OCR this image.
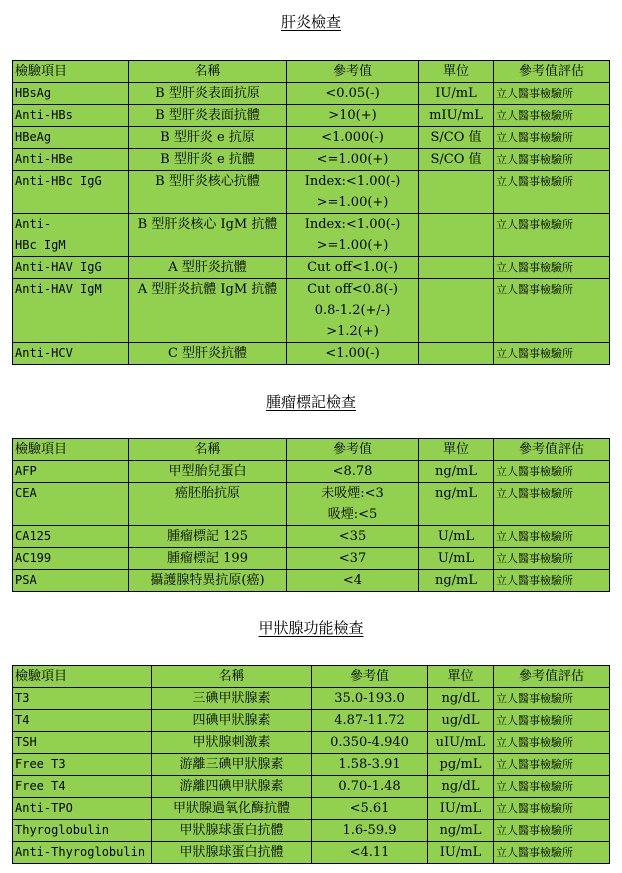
肝炎檢查
檢驗項目	名稱	參考值	單位	參考值評估

HBsAg	B 型肝炎表面抗原	<0.05(-)	IU/mL	立人醫事檢驗所

Anti-HBs	B 型肝炎表面抗體	>10(+)	mIU/mL	立人醫事檢驗所

HBeAg	B 型肝炎 e 抗原	<1.000(-)	S/CO 值	立人醫事檢驗所

Anti-HBe	B 型肝炎 e 抗體	<=1.00(+)	S/CO 值	立人醫事檢驗所

Anti-HBc IgG	B 型肝炎核心抗體	Index:<1.00(-)
>=1.00(+)		立人醫事檢驗所

Anti-
HBc IgM	B 型肝炎核心 IgM 抗體	Index:<1.00(-)
>=1.00(+)		立人醫事檢驗所

Anti-HAV IgG	A 型肝炎抗體	Cut off<1.0(-)		立人醫事檢驗所

Anti-HAV IgM	A 型肝炎抗體 IgM 抗體	Cut off<0.8(-)
0.8-1.2(+/-)
>1.2(+)		立人醫事檢驗所

Anti-HCV	C 型肝炎抗體	<1.00(-)		立人醫事檢驗所
腫瘤標記檢查
檢驗項目	名稱	參考值	單位	參考值評估

AFP	甲型胎兒蛋白	<8.78	ng/mL	立人醫事檢驗所

CEA	癌胚胎抗原	未吸煙:<3
吸煙:<5	ng/mL	立人醫事檢驗所

CA125	腫瘤標記 125	<35	U/mL	立人醫事檢驗所

AC199	腫瘤標記 199	<37	U/mL	立人醫事檢驗所

PSA	攝護腺特異抗原(癌)	<4	ng/mL	立人醫事檢驗所
甲狀腺功能檢查
檢驗項目	名稱	參考值	單位	參考值評估

T3	三碘甲狀腺素	35.0-193.0	ng/dL	立人醫事檢驗所

T4	四碘甲狀腺素	4.87-11.72	ug/dL	立人醫事檢驗所

TSH	甲狀腺刺激素	0.350-4.940	uIU/mL	立人醫事檢驗所

Free T3	游離三碘甲狀腺素	1.58-3.91	pg/mL	立人醫事檢驗所

Free T4	游離四碘甲狀腺素	0.70-1.48	ng/dL	立人醫事檢驗所

Anti-TPO	甲狀腺過氧化酶抗體	<5.61	IU/mL	立人醫事檢驗所

Thyroglobulin	甲狀腺球蛋白抗體	1.6-59.9	ng/mL	立人醫事檢驗所

Anti-Thyroglobulin	甲狀腺球蛋白抗體	<4.11	IU/mL	立人醫事檢驗所
